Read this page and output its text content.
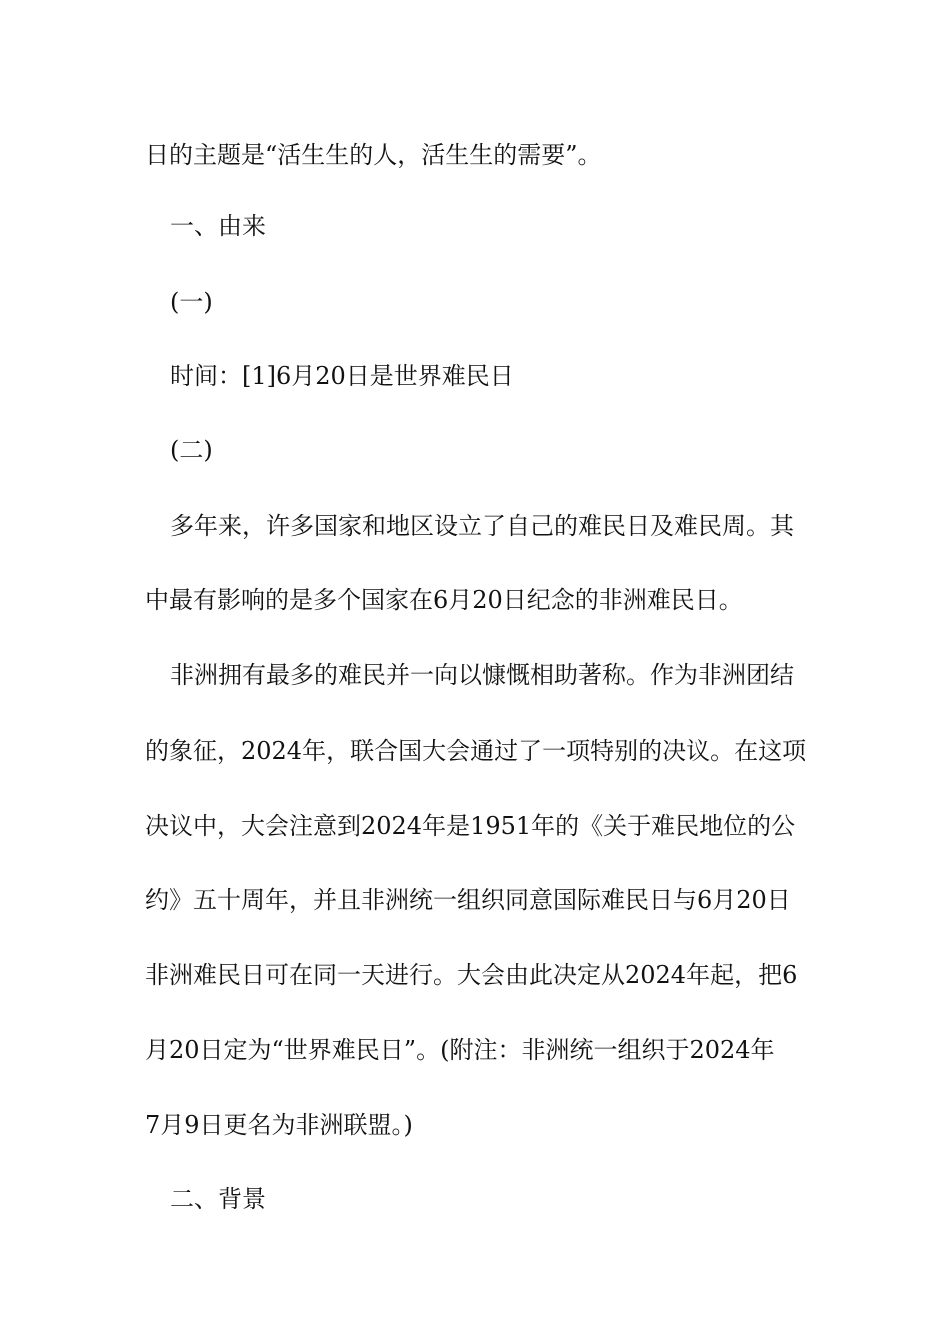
日的主题是“活生生的人，活生生的需要”。
一、由来
(一)
时间：[1]6月20日是世界难民日
(二)
多年来，许多国家和地区设立了自己的难民日及难民周。其
中最有影响的是多个国家在6月20日纪念的非洲难民日。
非洲拥有最多的难民并一向以慷慨相助著称。作为非洲团结
的象征，2024年，联合国大会通过了一项特别的决议。在这项
决议中，大会注意到2024年是1951年的《关于难民地位的公
约》五十周年，并且非洲统一组织同意国际难民日与6月20日
非洲难民日可在同一天进行。大会由此决定从2024年起，把6
月20日定为“世界难民日”。(附注：非洲统一组织于2024年
7月9日更名为非洲联盟。)
二、背景
